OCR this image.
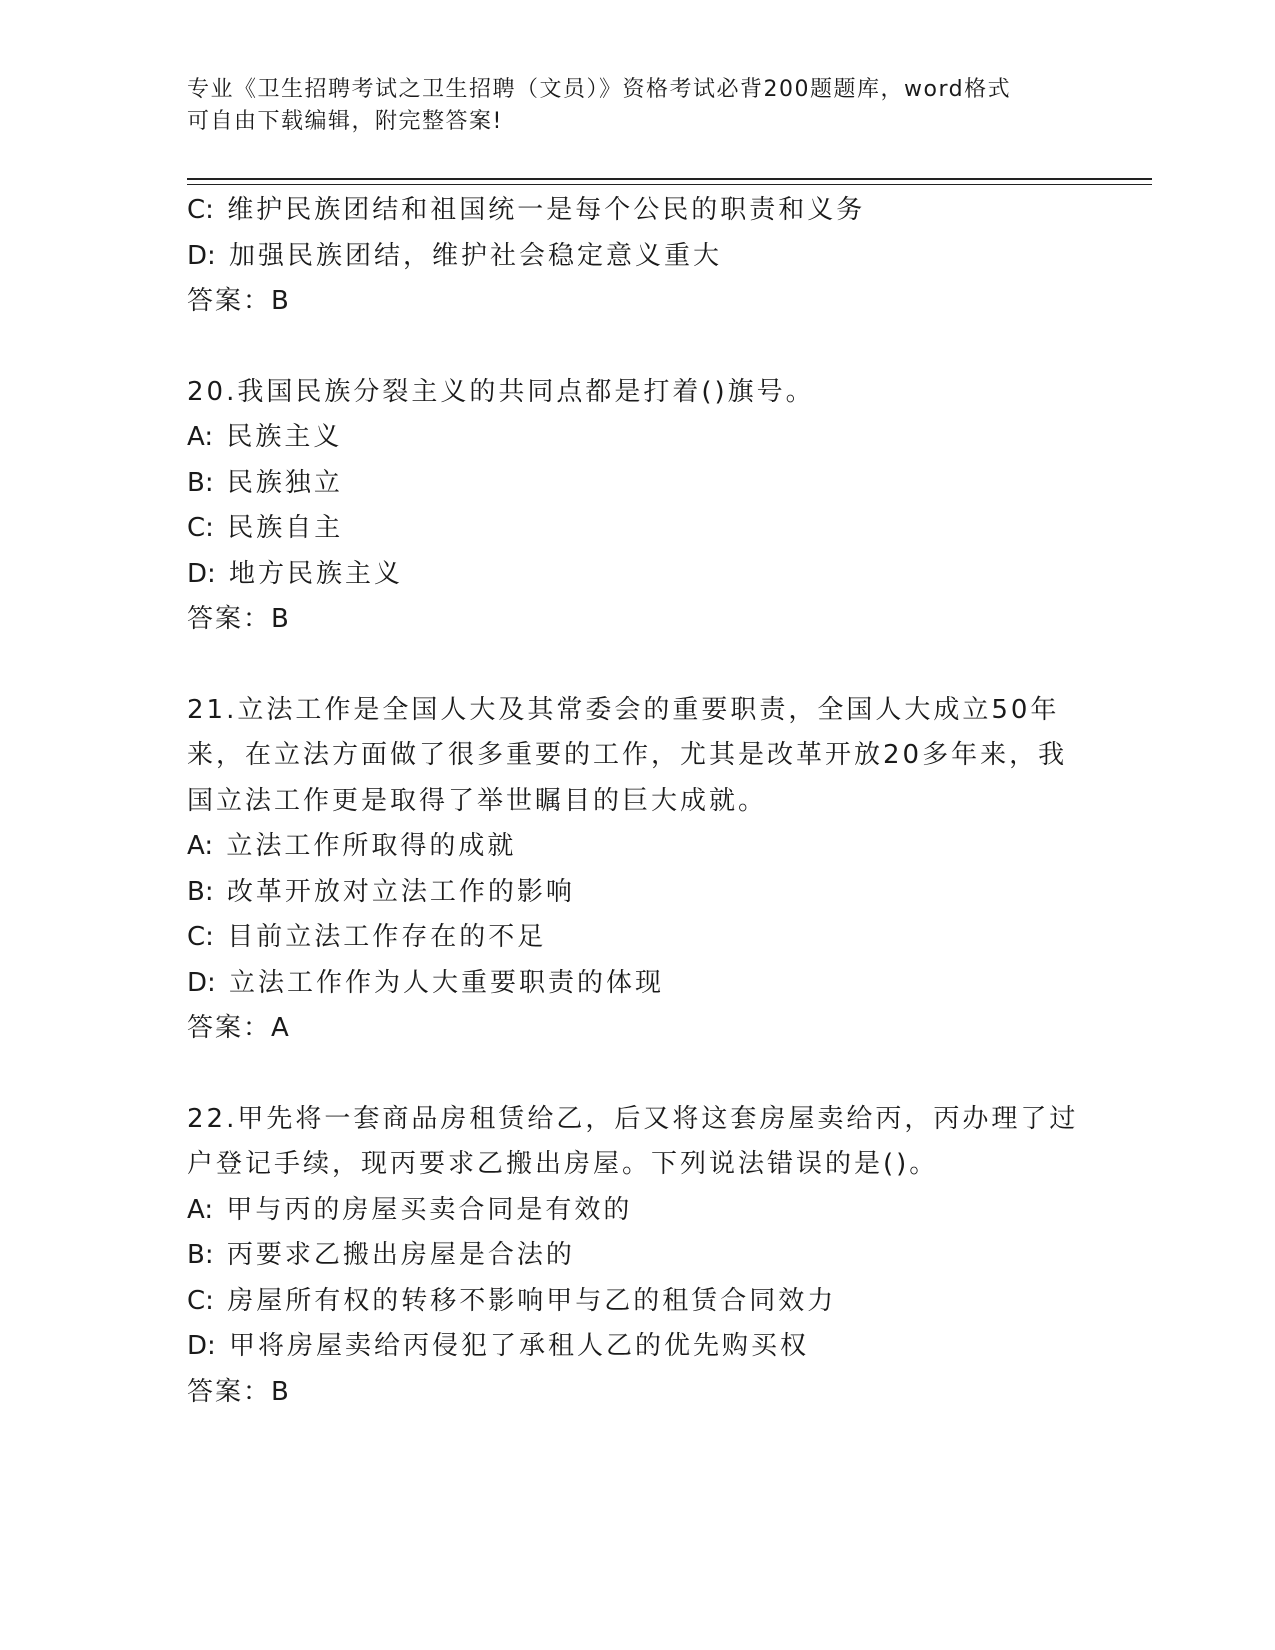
专业《卫生招聘考试之卫生招聘（文员）》资格考试必背200题题库，word格式
可自由下载编辑，附完整答案!
C: 维护民族团结和祖国统一是每个公民的职责和义务
D: 加强民族团结，维护社会稳定意义重大
答案：B
20.我国民族分裂主义的共同点都是打着()旗号。
A: 民族主义
B: 民族独立
C: 民族自主
D: 地方民族主义
答案：B
21.立法工作是全国人大及其常委会的重要职责，全国人大成立50年
来，在立法方面做了很多重要的工作，尤其是改革开放20多年来，我
国立法工作更是取得了举世瞩目的巨大成就。
A: 立法工作所取得的成就
B: 改革开放对立法工作的影响
C: 目前立法工作存在的不足
D: 立法工作作为人大重要职责的体现
答案：A
22.甲先将一套商品房租赁给乙，后又将这套房屋卖给丙，丙办理了过
户登记手续，现丙要求乙搬出房屋。下列说法错误的是()。
A: 甲与丙的房屋买卖合同是有效的
B: 丙要求乙搬出房屋是合法的
C: 房屋所有权的转移不影响甲与乙的租赁合同效力
D: 甲将房屋卖给丙侵犯了承租人乙的优先购买权
答案：B
